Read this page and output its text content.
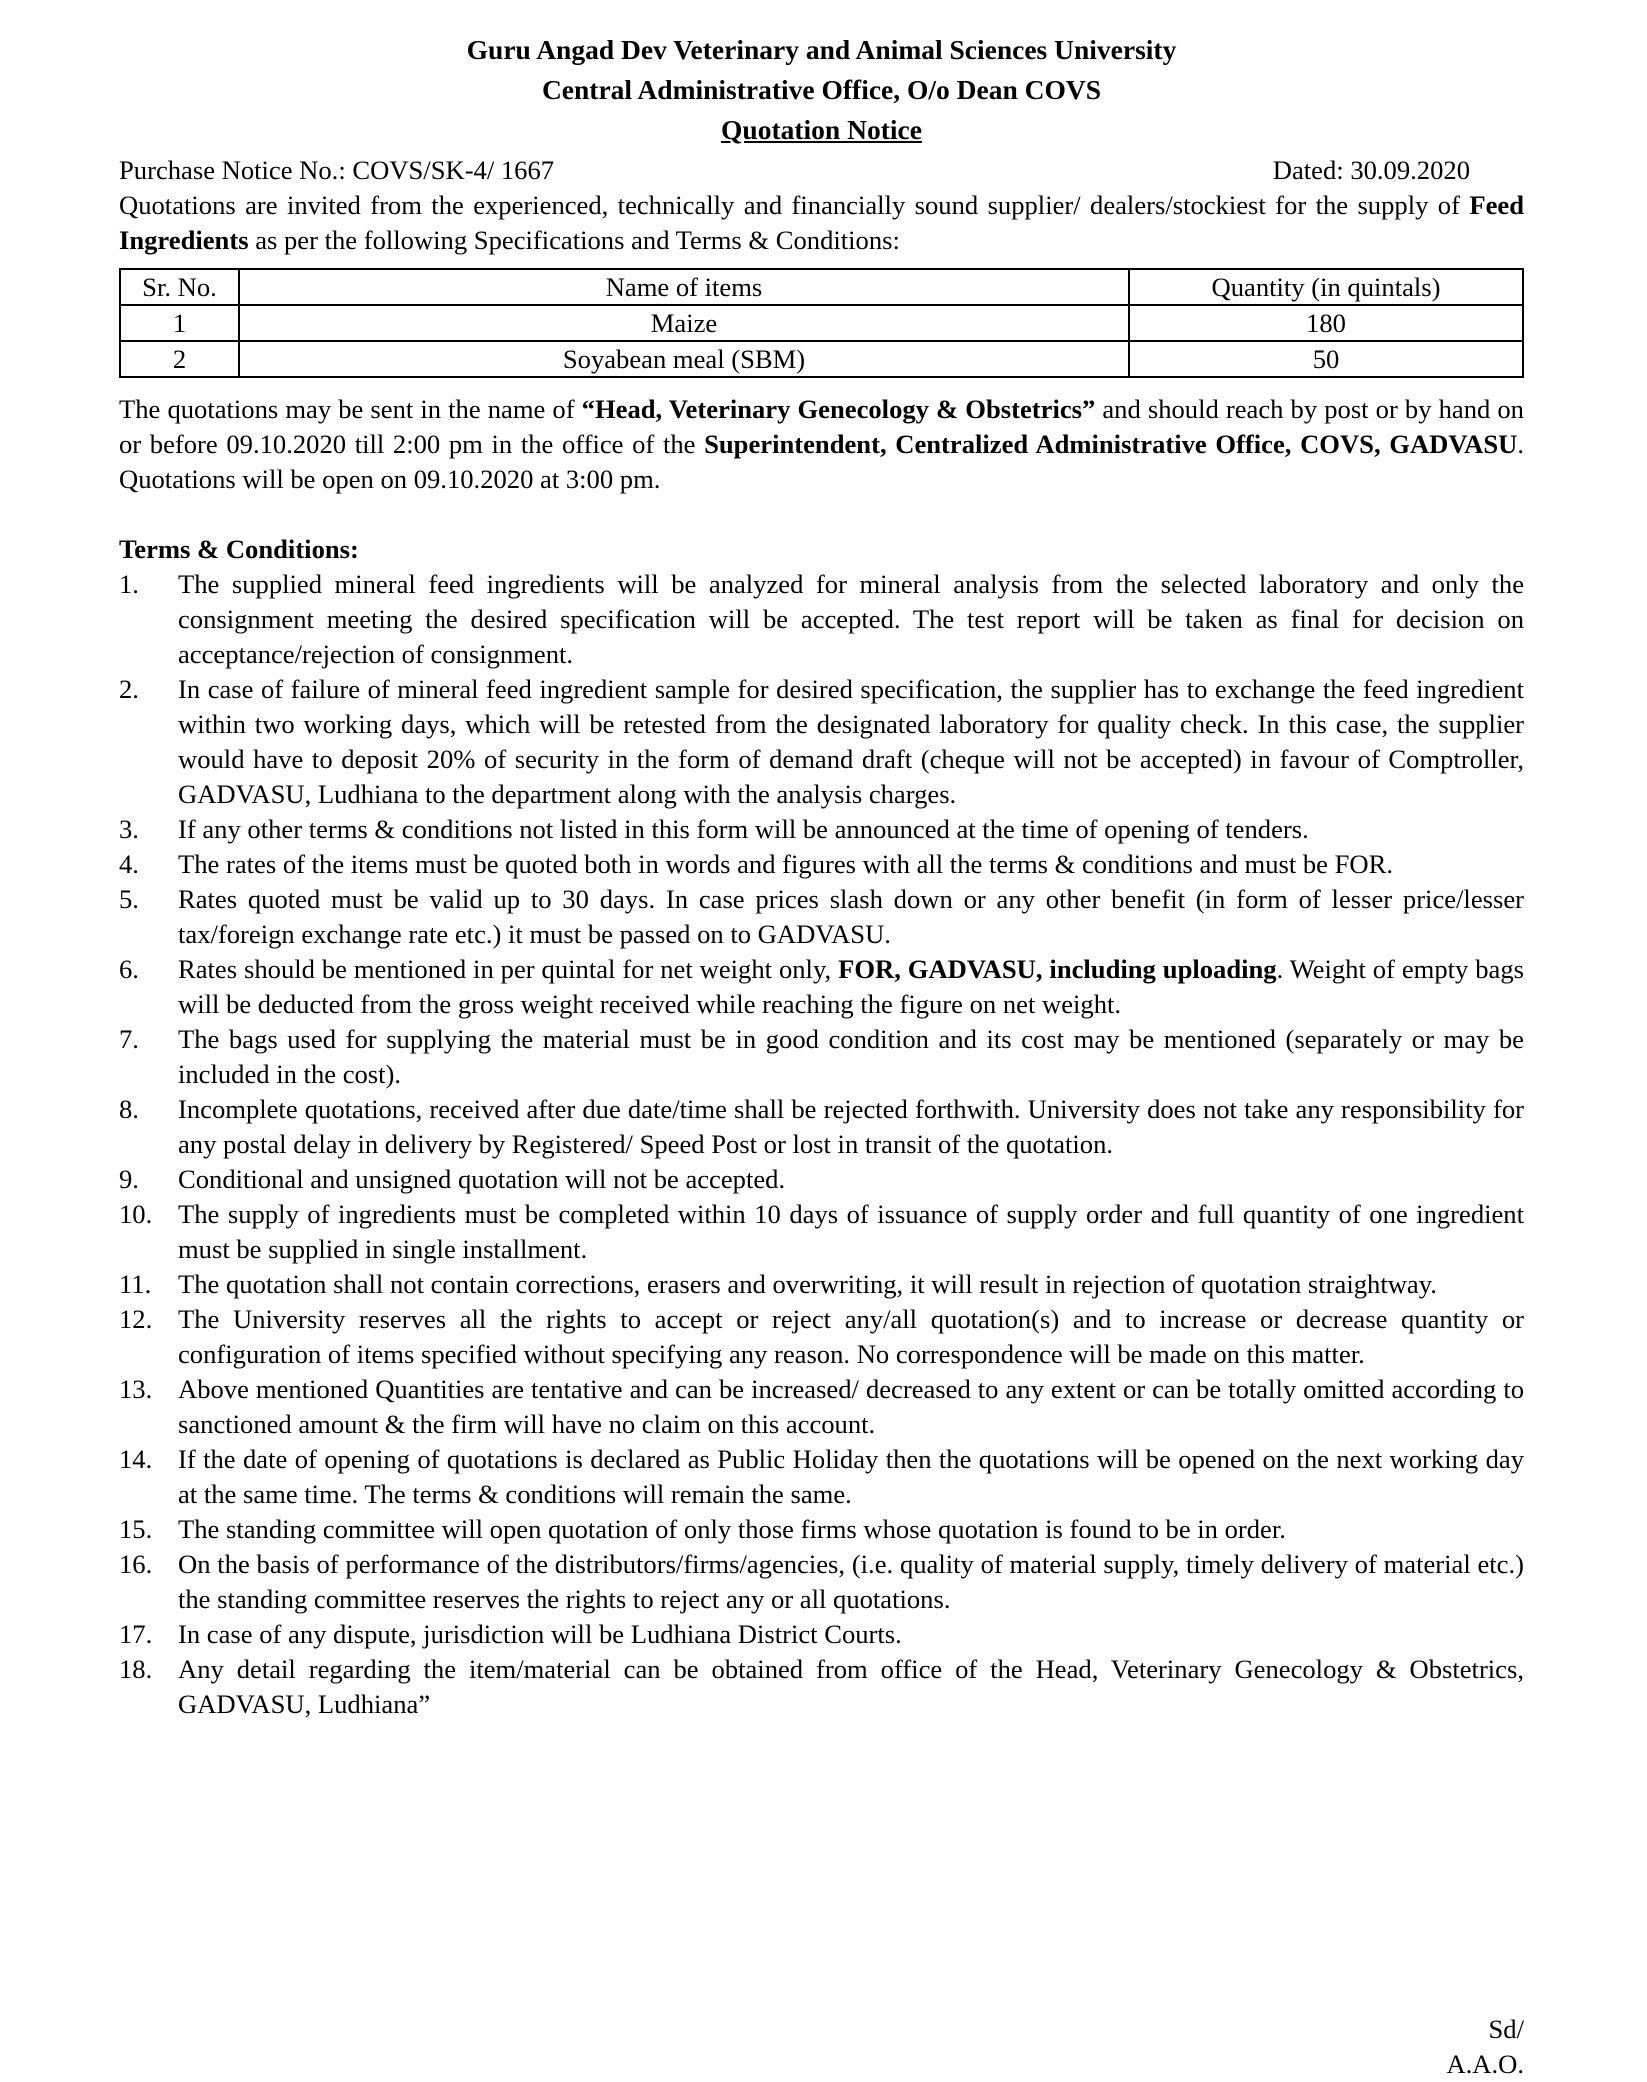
Guru Angad Dev Veterinary and Animal Sciences University
Central Administrative Office, O/o Dean COVS
Quotation Notice
Purchase Notice No.: COVS/SK-4/ 1667	Dated: 30.09.2020
Quotations are invited from the experienced, technically and financially sound supplier/ dealers/stockiest for the supply of Feed Ingredients as per the following Specifications and Terms & Conditions:
Sr. No.	Name of items	Quantity (in quintals)
1	Maize	180
2	Soyabean meal (SBM)	50
The quotations may be sent in the name of “Head, Veterinary Genecology & Obstetrics” and should reach by post or by hand on or before 09.10.2020 till 2:00 pm in the office of the Superintendent, Centralized Administrative Office, COVS, GADVASU. Quotations will be open on 09.10.2020 at 3:00 pm.
Terms & Conditions:
1.	The supplied mineral feed ingredients will be analyzed for mineral analysis from the selected laboratory and only the consignment meeting the desired specification will be accepted. The test report will be taken as final for decision on acceptance/rejection of consignment.
2.	In case of failure of mineral feed ingredient sample for desired specification, the supplier has to exchange the feed ingredient within two working days, which will be retested from the designated laboratory for quality check. In this case, the supplier would have to deposit 20% of security in the form of demand draft (cheque will not be accepted) in favour of Comptroller, GADVASU, Ludhiana to the department along with the analysis charges.
3.	If any other terms & conditions not listed in this form will be announced at the time of opening of tenders.
4.	The rates of the items must be quoted both in words and figures with all the terms & conditions and must be FOR.
5.	Rates quoted must be valid up to 30 days. In case prices slash down or any other benefit (in form of lesser price/lesser tax/foreign exchange rate etc.) it must be passed on to GADVASU.
6.	Rates should be mentioned in per quintal for net weight only, FOR, GADVASU, including uploading. Weight of empty bags will be deducted from the gross weight received while reaching the figure on net weight.
7.	The bags used for supplying the material must be in good condition and its cost may be mentioned (separately or may be included in the cost).
8.	Incomplete quotations, received after due date/time shall be rejected forthwith. University does not take any responsibility for any postal delay in delivery by Registered/ Speed Post or lost in transit of the quotation.
9.	Conditional and unsigned quotation will not be accepted.
10. The supply of ingredients must be completed within 10 days of issuance of supply order and full quantity of one ingredient must be supplied in single installment.
11.	The quotation shall not contain corrections, erasers and overwriting, it will result in rejection of quotation straightway.
12. The University reserves all the rights to accept or reject any/all quotation(s) and to increase or decrease quantity or configuration of items specified without specifying any reason. No correspondence will be made on this matter.
13. Above mentioned Quantities are tentative and can be increased/ decreased to any extent or can be totally omitted according to sanctioned amount & the firm will have no claim on this account.
14. If the date of opening of quotations is declared as Public Holiday then the quotations will be opened on the next working day at the same time. The terms & conditions will remain the same.
15. The standing committee will open quotation of only those firms whose quotation is found to be in order.
16. On the basis of performance of the distributors/firms/agencies, (i.e. quality of material supply, timely delivery of material etc.) the standing committee reserves the rights to reject any or all quotations.
17. In case of any dispute, jurisdiction will be Ludhiana District Courts.
18. Any detail regarding the item/material can be obtained from office of the Head, Veterinary Genecology & Obstetrics, GADVASU, Ludhiana”
Sd/
A.A.O.
